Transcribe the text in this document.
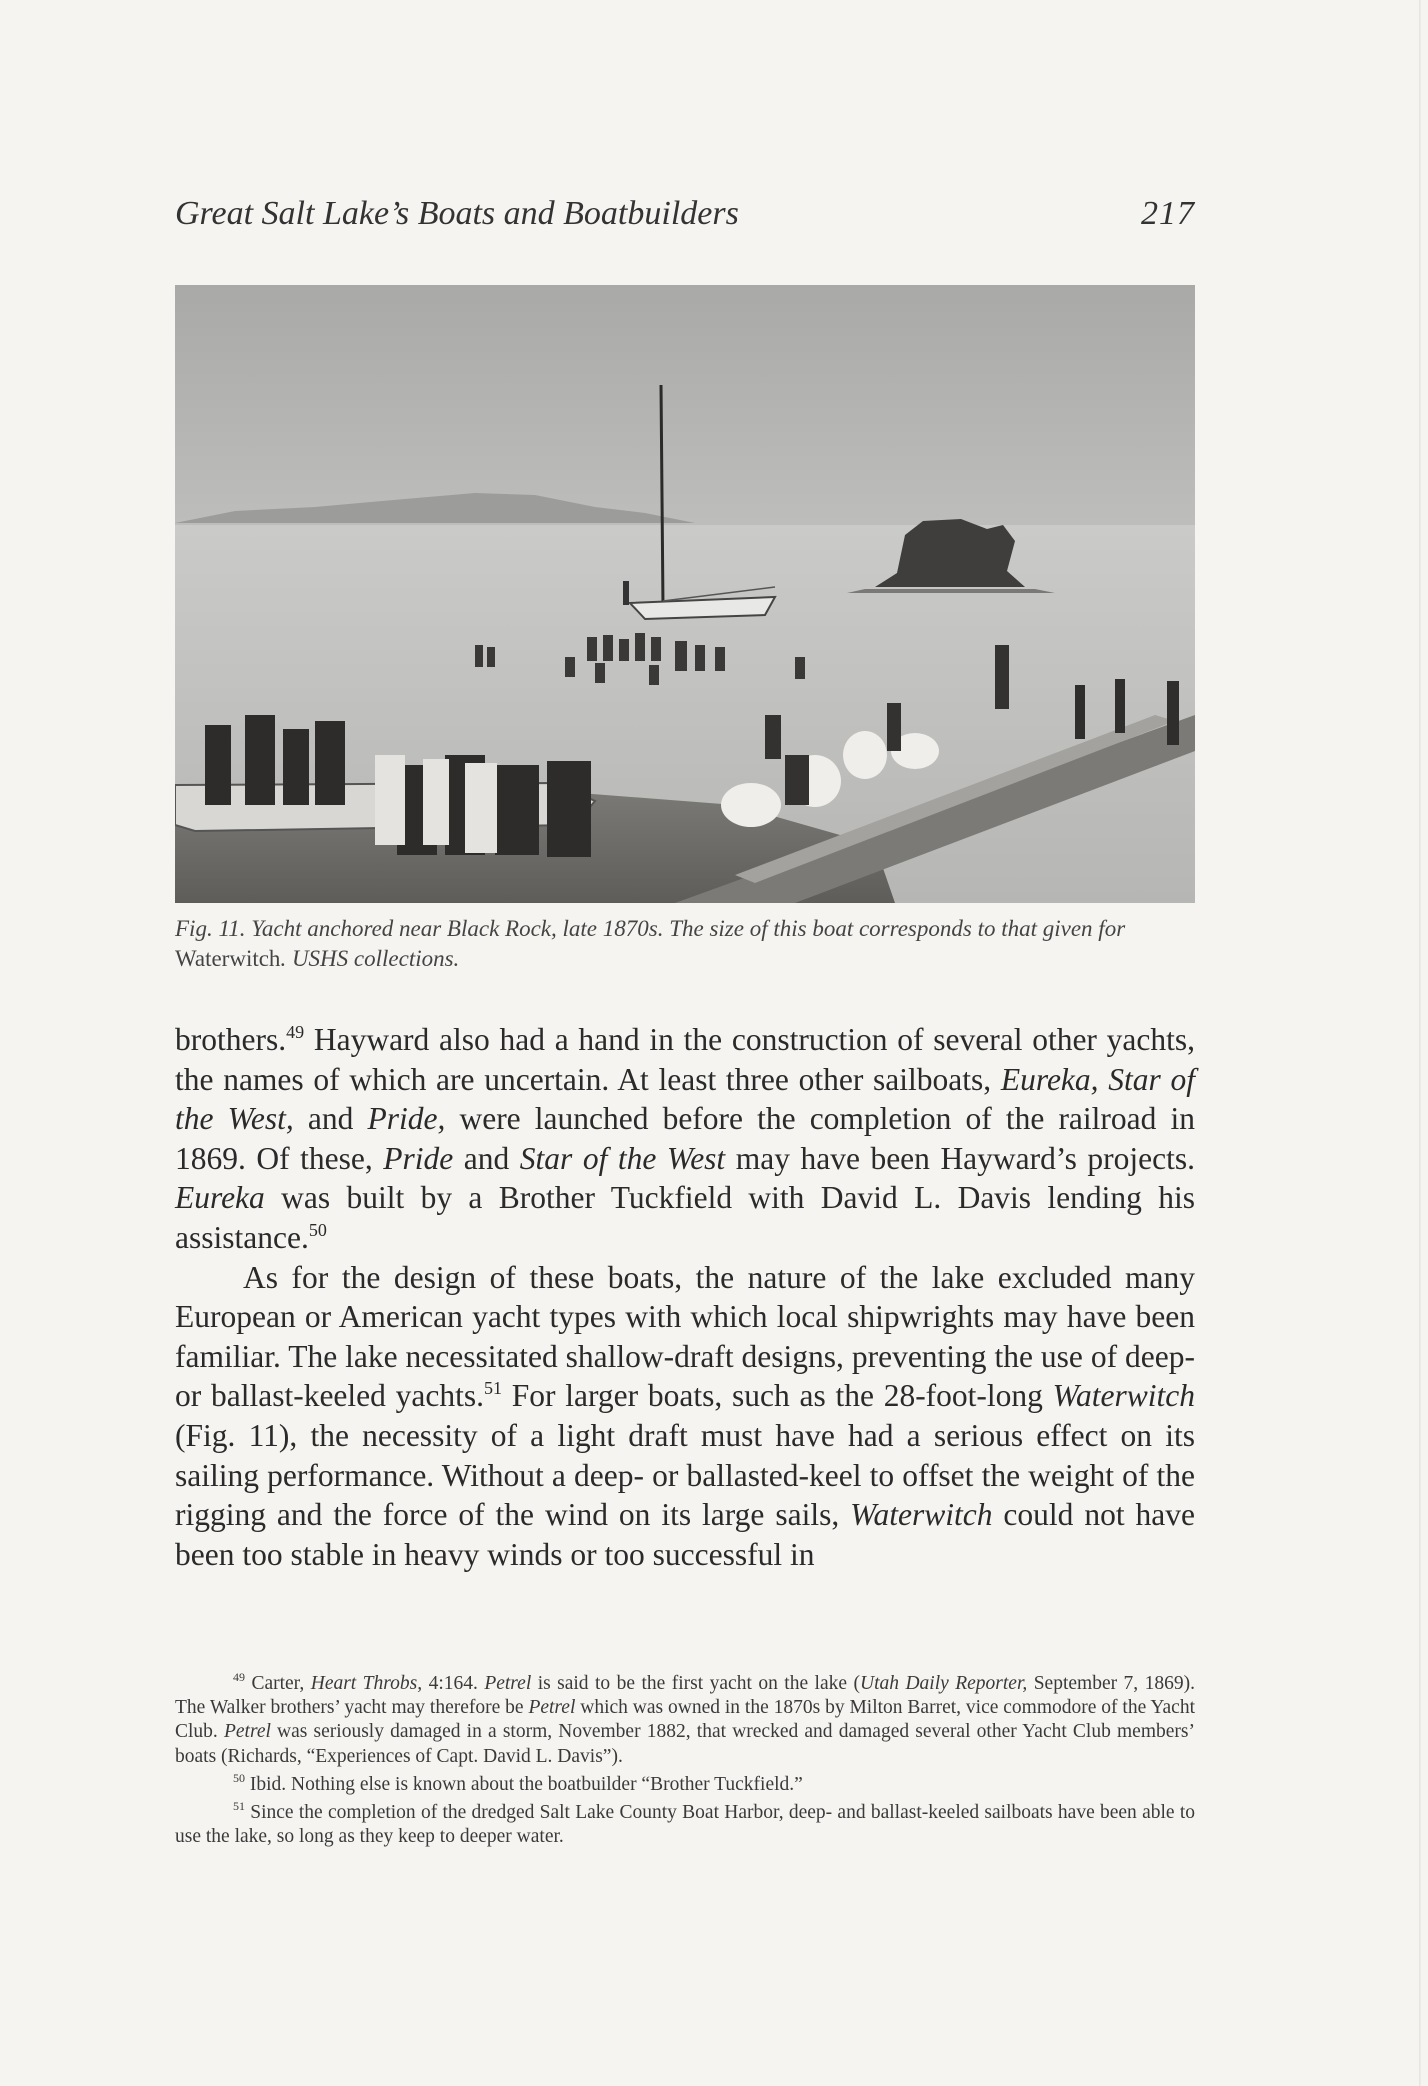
Great Salt Lake’s Boats and Boatbuilders	217
Fig. 11. Yacht anchored near Black Rock, late 1870s. The size of this boat corresponds to that given for Waterwitch. USHS collections.

brothers.$^{49}$ Hayward also had a hand in the construction of several other yachts, the names of which are uncertain. At least three other sailboats, Eureka, Star of the West, and Pride, were launched before the completion of the railroad in 1869. Of these, Pride and Star of the West may have been Hayward’s projects. Eureka was built by a Brother Tuckfield with David L. Davis lending his assistance.$^{50}$

As for the design of these boats, the nature of the lake excluded many European or American yacht types with which local shipwrights may have been familiar. The lake necessitated shallow-draft designs, preventing the use of deep- or ballast-keeled yachts.$^{51}$ For larger boats, such as the 28-foot-long Waterwitch (Fig. 11), the necessity of a light draft must have had a serious effect on its sailing performance. Without a deep- or ballasted-keel to offset the weight of the rigging and the force of the wind on its large sails, Waterwitch could not have been too stable in heavy winds or too successful in

$^{49}$ Carter, Heart Throbs, 4:164. Petrel is said to be the first yacht on the lake (Utah Daily Reporter, September 7, 1869). The Walker brothers’ yacht may therefore be Petrel which was owned in the 1870s by Milton Barret, vice commodore of the Yacht Club. Petrel was seriously damaged in a storm, November 1882, that wrecked and damaged several other Yacht Club members’ boats (Richards, “Experiences of Capt. David L. Davis”).

$^{50}$ Ibid. Nothing else is known about the boatbuilder “Brother Tuckfield.”

$^{51}$ Since the completion of the dredged Salt Lake County Boat Harbor, deep- and ballast-keeled sailboats have been able to use the lake, so long as they keep to deeper water.
